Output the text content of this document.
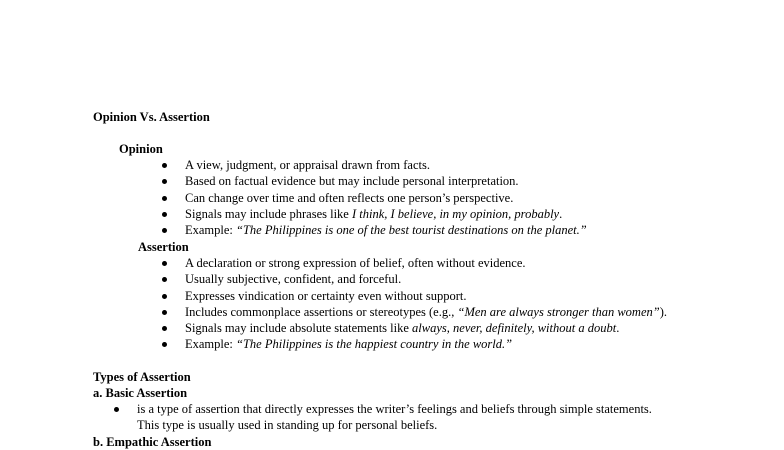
Opinion Vs. Assertion
Opinion
A view, judgment, or appraisal drawn from facts.
Based on factual evidence but may include personal interpretation.
Can change over time and often reflects one person’s perspective.
Signals may include phrases like I think, I believe, in my opinion, probably.
Example: “The Philippines is one of the best tourist destinations on the planet.”
Assertion
A declaration or strong expression of belief, often without evidence.
Usually subjective, confident, and forceful.
Expresses vindication or certainty even without support.
Includes commonplace assertions or stereotypes (e.g., “Men are always stronger than women”).
Signals may include absolute statements like always, never, definitely, without a doubt.
Example: “The Philippines is the happiest country in the world.”
Types of Assertion
a. Basic Assertion
is a type of assertion that directly expresses the writer’s feelings and beliefs through simple statements. This type is usually used in standing up for personal beliefs.
b. Empathic Assertion
